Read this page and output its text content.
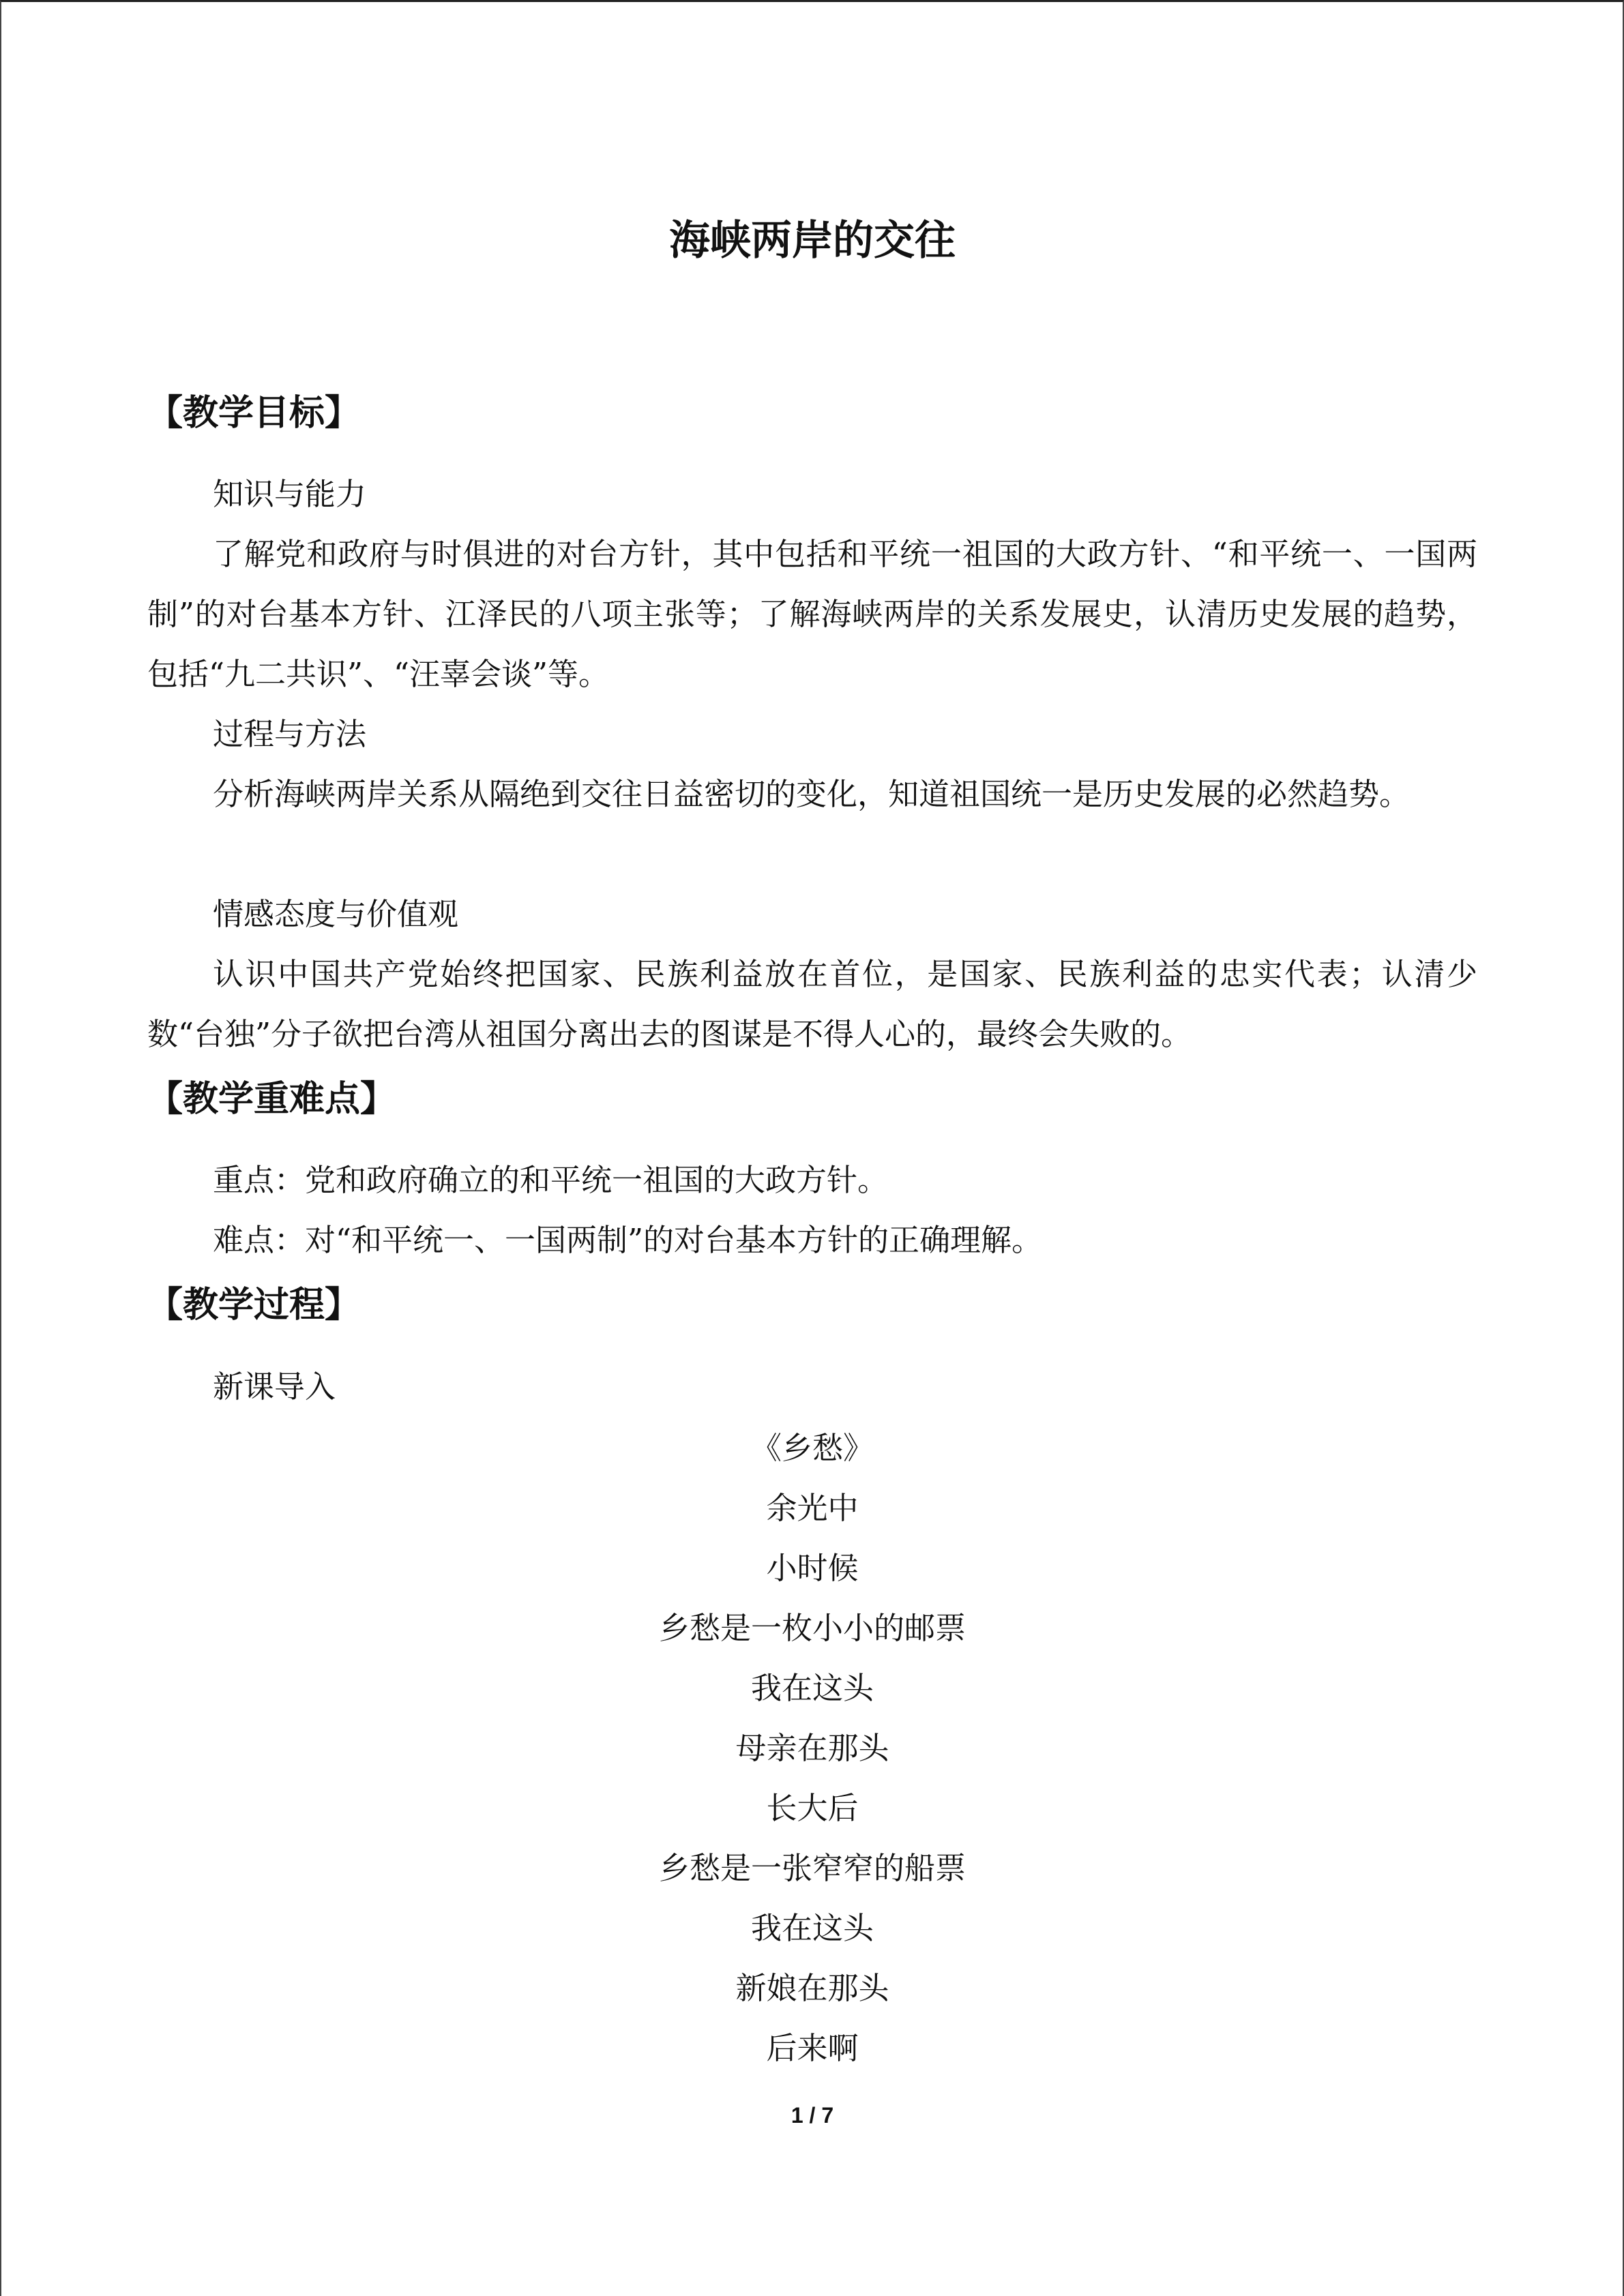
海峡两岸的交往
【教学目标】

知识与能力

了解党和政府与时俱进的对台方针，其中包括和平统一祖国的大政方针、“和平统一、一国两制”的对台基本方针、江泽民的八项主张等；了解海峡两岸的关系发展史，认清历史发展的趋势，包括“九二共识”、“汪辜会谈”等。

过程与方法

分析海峡两岸关系从隔绝到交往日益密切的变化，知道祖国统一是历史发展的必然趋势。

情感态度与价值观

认识中国共产党始终把国家、民族利益放在首位，是国家、民族利益的忠实代表；认清少数“台独”分子欲把台湾从祖国分离出去的图谋是不得人心的，最终会失败的。

【教学重难点】

重点：党和政府确立的和平统一祖国的大政方针。

难点：对“和平统一、一国两制”的对台基本方针的正确理解。

【教学过程】

新课导入

《乡愁》
余光中
小时候
乡愁是一枚小小的邮票
我在这头
母亲在那头
长大后
乡愁是一张窄窄的船票
我在这头
新娘在那头
后来啊
1 / 7
